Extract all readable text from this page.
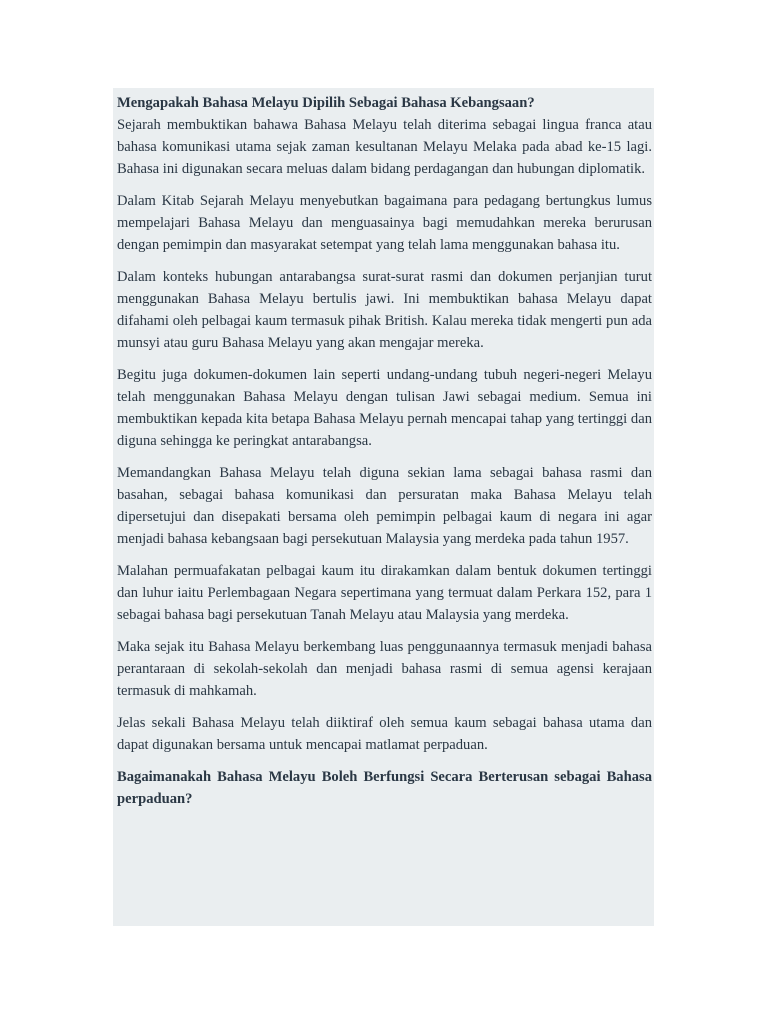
Mengapakah Bahasa Melayu Dipilih Sebagai Bahasa Kebangsaan?

Sejarah membuktikan bahawa Bahasa Melayu telah diterima sebagai lingua franca atau bahasa komunikasi utama sejak zaman kesultanan Melayu Melaka pada abad ke-15 lagi. Bahasa ini digunakan secara meluas dalam bidang perdagangan dan hubungan diplomatik.

Dalam Kitab Sejarah Melayu menyebutkan bagaimana para pedagang bertungkus lumus mempelajari Bahasa Melayu dan menguasainya bagi memudahkan mereka berurusan dengan pemimpin dan masyarakat setempat yang telah lama menggunakan bahasa itu.

Dalam konteks hubungan antarabangsa surat-surat rasmi dan dokumen perjanjian turut menggunakan Bahasa Melayu bertulis jawi. Ini membuktikan bahasa Melayu dapat difahami oleh pelbagai kaum termasuk pihak British. Kalau mereka tidak mengerti pun ada munsyi atau guru Bahasa Melayu yang akan mengajar mereka.

Begitu juga dokumen-dokumen lain seperti undang-undang tubuh negeri-negeri Melayu telah menggunakan Bahasa Melayu dengan tulisan Jawi sebagai medium. Semua ini membuktikan kepada kita betapa Bahasa Melayu pernah mencapai tahap yang tertinggi dan diguna sehingga ke peringkat antarabangsa.

Memandangkan Bahasa Melayu telah diguna sekian lama sebagai bahasa rasmi dan basahan, sebagai bahasa komunikasi dan persuratan maka Bahasa Melayu telah dipersetujui dan disepakati bersama oleh pemimpin pelbagai kaum di negara ini agar menjadi bahasa kebangsaan bagi persekutuan Malaysia yang merdeka pada tahun 1957.

Malahan permuafakatan pelbagai kaum itu dirakamkan dalam bentuk dokumen tertinggi dan luhur iaitu Perlembagaan Negara sepertimana yang termuat dalam Perkara 152, para 1 sebagai bahasa bagi persekutuan Tanah Melayu atau Malaysia yang merdeka.

Maka sejak itu Bahasa Melayu berkembang luas penggunaannya termasuk menjadi bahasa perantaraan di sekolah-sekolah dan menjadi bahasa rasmi di semua agensi kerajaan termasuk di mahkamah.

Jelas sekali Bahasa Melayu telah diiktiraf oleh semua kaum sebagai bahasa utama dan dapat digunakan bersama untuk mencapai matlamat perpaduan.

Bagaimanakah Bahasa Melayu Boleh Berfungsi Secara Berterusan sebagai Bahasa perpaduan?
